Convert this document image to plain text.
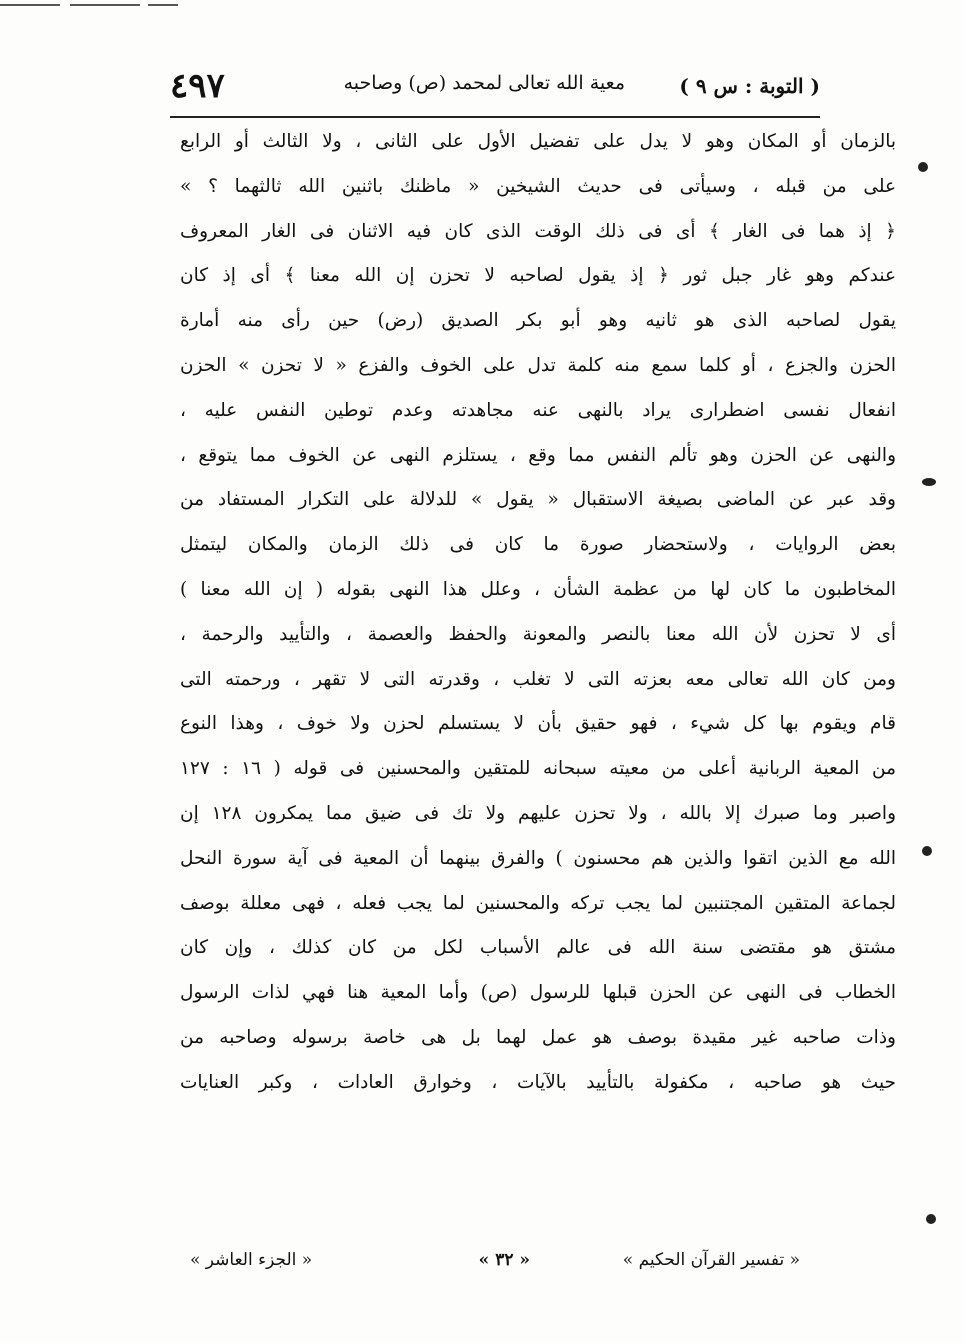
( التوبة : س ٩ )
معية الله تعالى لمحمد (ص) وصاحبه
٤٩٧
بالزمان أو المكان وهو لا يدل على تفضيل الأول على الثانى ، ولا الثالث أو الرابع
على من قبله ، وسيأتى فى حديث الشيخين « ماظنك باثنين الله ثالثهما ؟ »
﴿ إذ هما فى الغار ﴾ أى فى ذلك الوقت الذى كان فيه الاثنان فى الغار المعروف
عندكم وهو غار جبل ثور ﴿ إذ يقول لصاحبه لا تحزن إن الله معنا ﴾ أى إذ كان
يقول لصاحبه الذى هو ثانيه وهو أبو بكر الصديق (رض) حين رأى منه أمارة
الحزن والجزع ، أو كلما سمع منه كلمة تدل على الخوف والفزع « لا تحزن » الحزن
انفعال نفسى اضطرارى يراد بالنهى عنه مجاهدته وعدم توطين النفس عليه ،
والنهى عن الحزن وهو تألم النفس مما وقع ، يستلزم النهى عن الخوف مما يتوقع ،
وقد عبر عن الماضى بصيغة الاستقبال « يقول » للدلالة على التكرار المستفاد من
بعض الروايات ، ولاستحضار صورة ما كان فى ذلك الزمان والمكان ليتمثل
المخاطبون ما كان لها من عظمة الشأن ، وعلل هذا النهى بقوله ( إن الله معنا )
أى لا تحزن لأن الله معنا بالنصر والمعونة والحفظ والعصمة ، والتأييد والرحمة ،
ومن كان الله تعالى معه بعزته التى لا تغلب ، وقدرته التى لا تقهر ، ورحمته التى
قام ويقوم بها كل شيء ، فهو حقيق بأن لا يستسلم لحزن ولا خوف ، وهذا النوع
من المعية الربانية أعلى من معيته سبحانه للمتقين والمحسنين فى قوله ( ١٦ : ١٢٧
واصبر وما صبرك إلا بالله ، ولا تحزن عليهم ولا تك فى ضيق مما يمكرون ١٢٨ إن
الله مع الذين اتقوا والذين هم محسنون ) والفرق بينهما أن المعية فى آية سورة النحل
لجماعة المتقين المجتنبين لما يجب تركه والمحسنين لما يجب فعله ، فهى معللة بوصف
مشتق هو مقتضى سنة الله فى عالم الأسباب لكل من كان كذلك ، وإن كان
الخطاب فى النهى عن الحزن قبلها للرسول (ص) وأما المعية هنا فهي لذات الرسول
وذات صاحبه غير مقيدة بوصف هو عمل لهما بل هى خاصة برسوله وصاحبه من
حيث هو صاحبه ، مكفولة بالتأييد بالآيات ، وخوارق العادات ، وكبر العنايات
« تفسير القرآن الحكيم »
« ٣٢ »
« الجزء العاشر »
